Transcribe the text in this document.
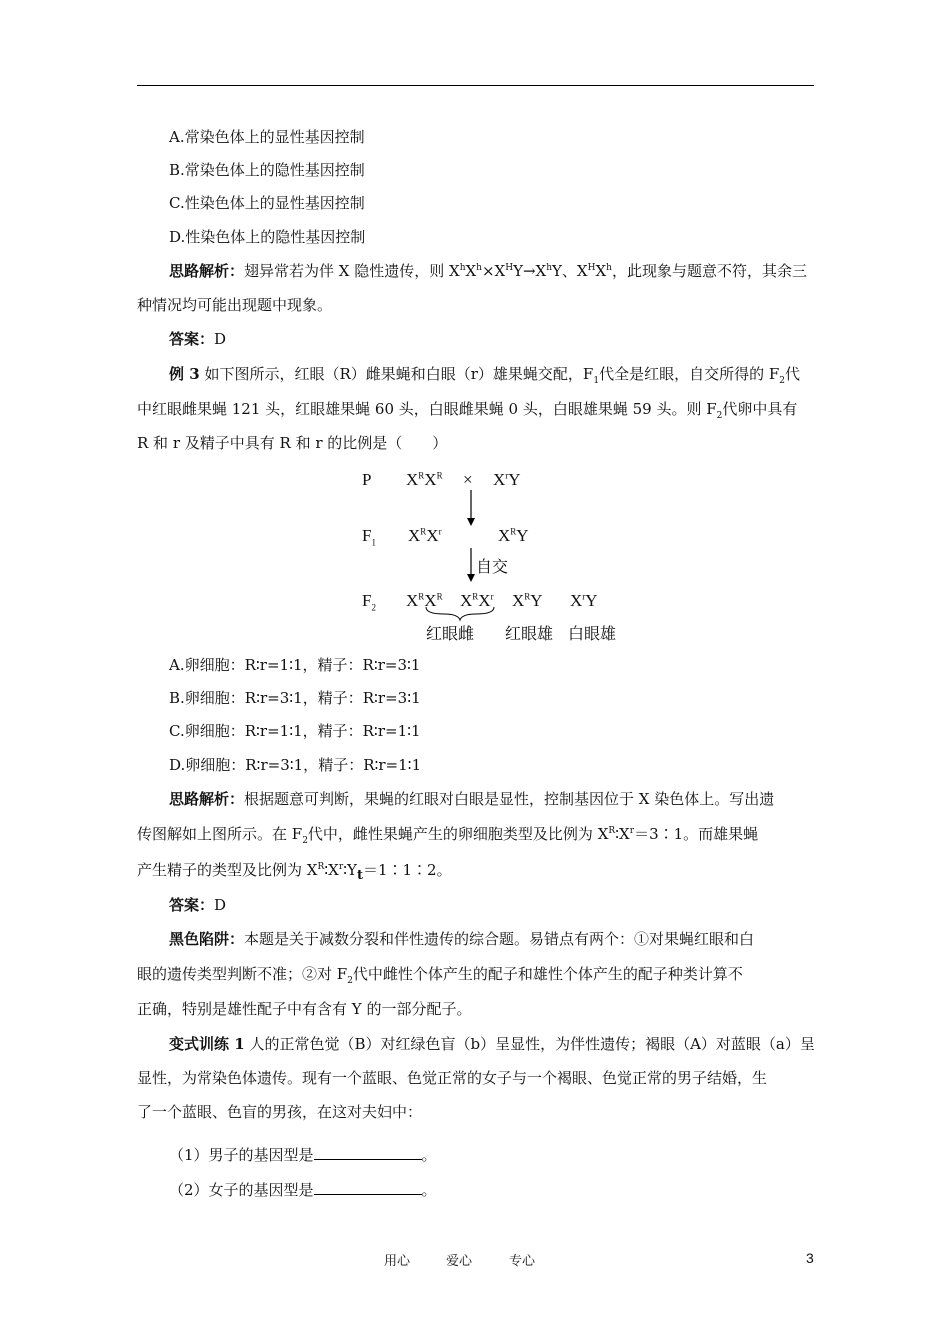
A.常染色体上的显性基因控制
B.常染色体上的隐性基因控制
C.性染色体上的显性基因控制
D.性染色体上的隐性基因控制
思路解析：翅异常若为伴 X 隐性遗传，则 $X^hX^h\times X^HY\to X^hY$、$X^HX^h$，此现象与题意不符，其余三
种情况均可能出现题中现象。
答案：D
例 3 如下图所示，红眼（R）雌果蝇和白眼（r）雄果蝇交配，$F_1$代全是红眼，自交所得的 $F_2$代
中红眼雌果蝇 121 头，红眼雄果蝇 60 头，白眼雌果蝇 0 头，白眼雄果蝇 59 头。则 $F_2$代卵中具有
R 和 r 及精子中具有 R 和 r 的比例是（　　）
P $X^RX^R \times X^rY$
$F_1$ $X^RX^r$	$X^RY$
自交
$F_2$ $X^RX^R$ $X^RX^r$ $X^RY$ $X^rY$
红眼雌 红眼雄 白眼雄
A.卵细胞：R∶r=1∶1，精子：R∶r=3∶1
B.卵细胞：R∶r=3∶1，精子：R∶r=3∶1
C.卵细胞：R∶r=1∶1，精子：R∶r=1∶1
D.卵细胞：R∶r=3∶1，精子：R∶r=1∶1
思路解析：根据题意可判断，果蝇的红眼对白眼是显性，控制基因位于 X 染色体上。写出遗
传图解如上图所示。在 $F_2$代中，雌性果蝇产生的卵细胞类型及比例为 $X^R∶X^r=3∶1$。而雄果蝇
产生精子的类型及比例为 $X^R∶X^r∶Y_t=1∶1∶2$。
答案：D
黑色陷阱：本题是关于减数分裂和伴性遗传的综合题。易错点有两个：①对果蝇红眼和白
眼的遗传类型判断不准；②对 $F_2$代中雌性个体产生的配子和雄性个体产生的配子种类计算不
正确，特别是雄性配子中有含有 Y 的一部分配子。
变式训练 1 人的正常色觉（B）对红绿色盲（b）呈显性，为伴性遗传；褐眼（A）对蓝眼（a）呈
显性，为常染色体遗传。现有一个蓝眼、色觉正常的女子与一个褐眼、色觉正常的男子结婚，生
了一个蓝眼、色盲的男孩，在这对夫妇中：
（1）男子的基因型是	。
（2）女子的基因型是	。
用心	爱心	专心	3
